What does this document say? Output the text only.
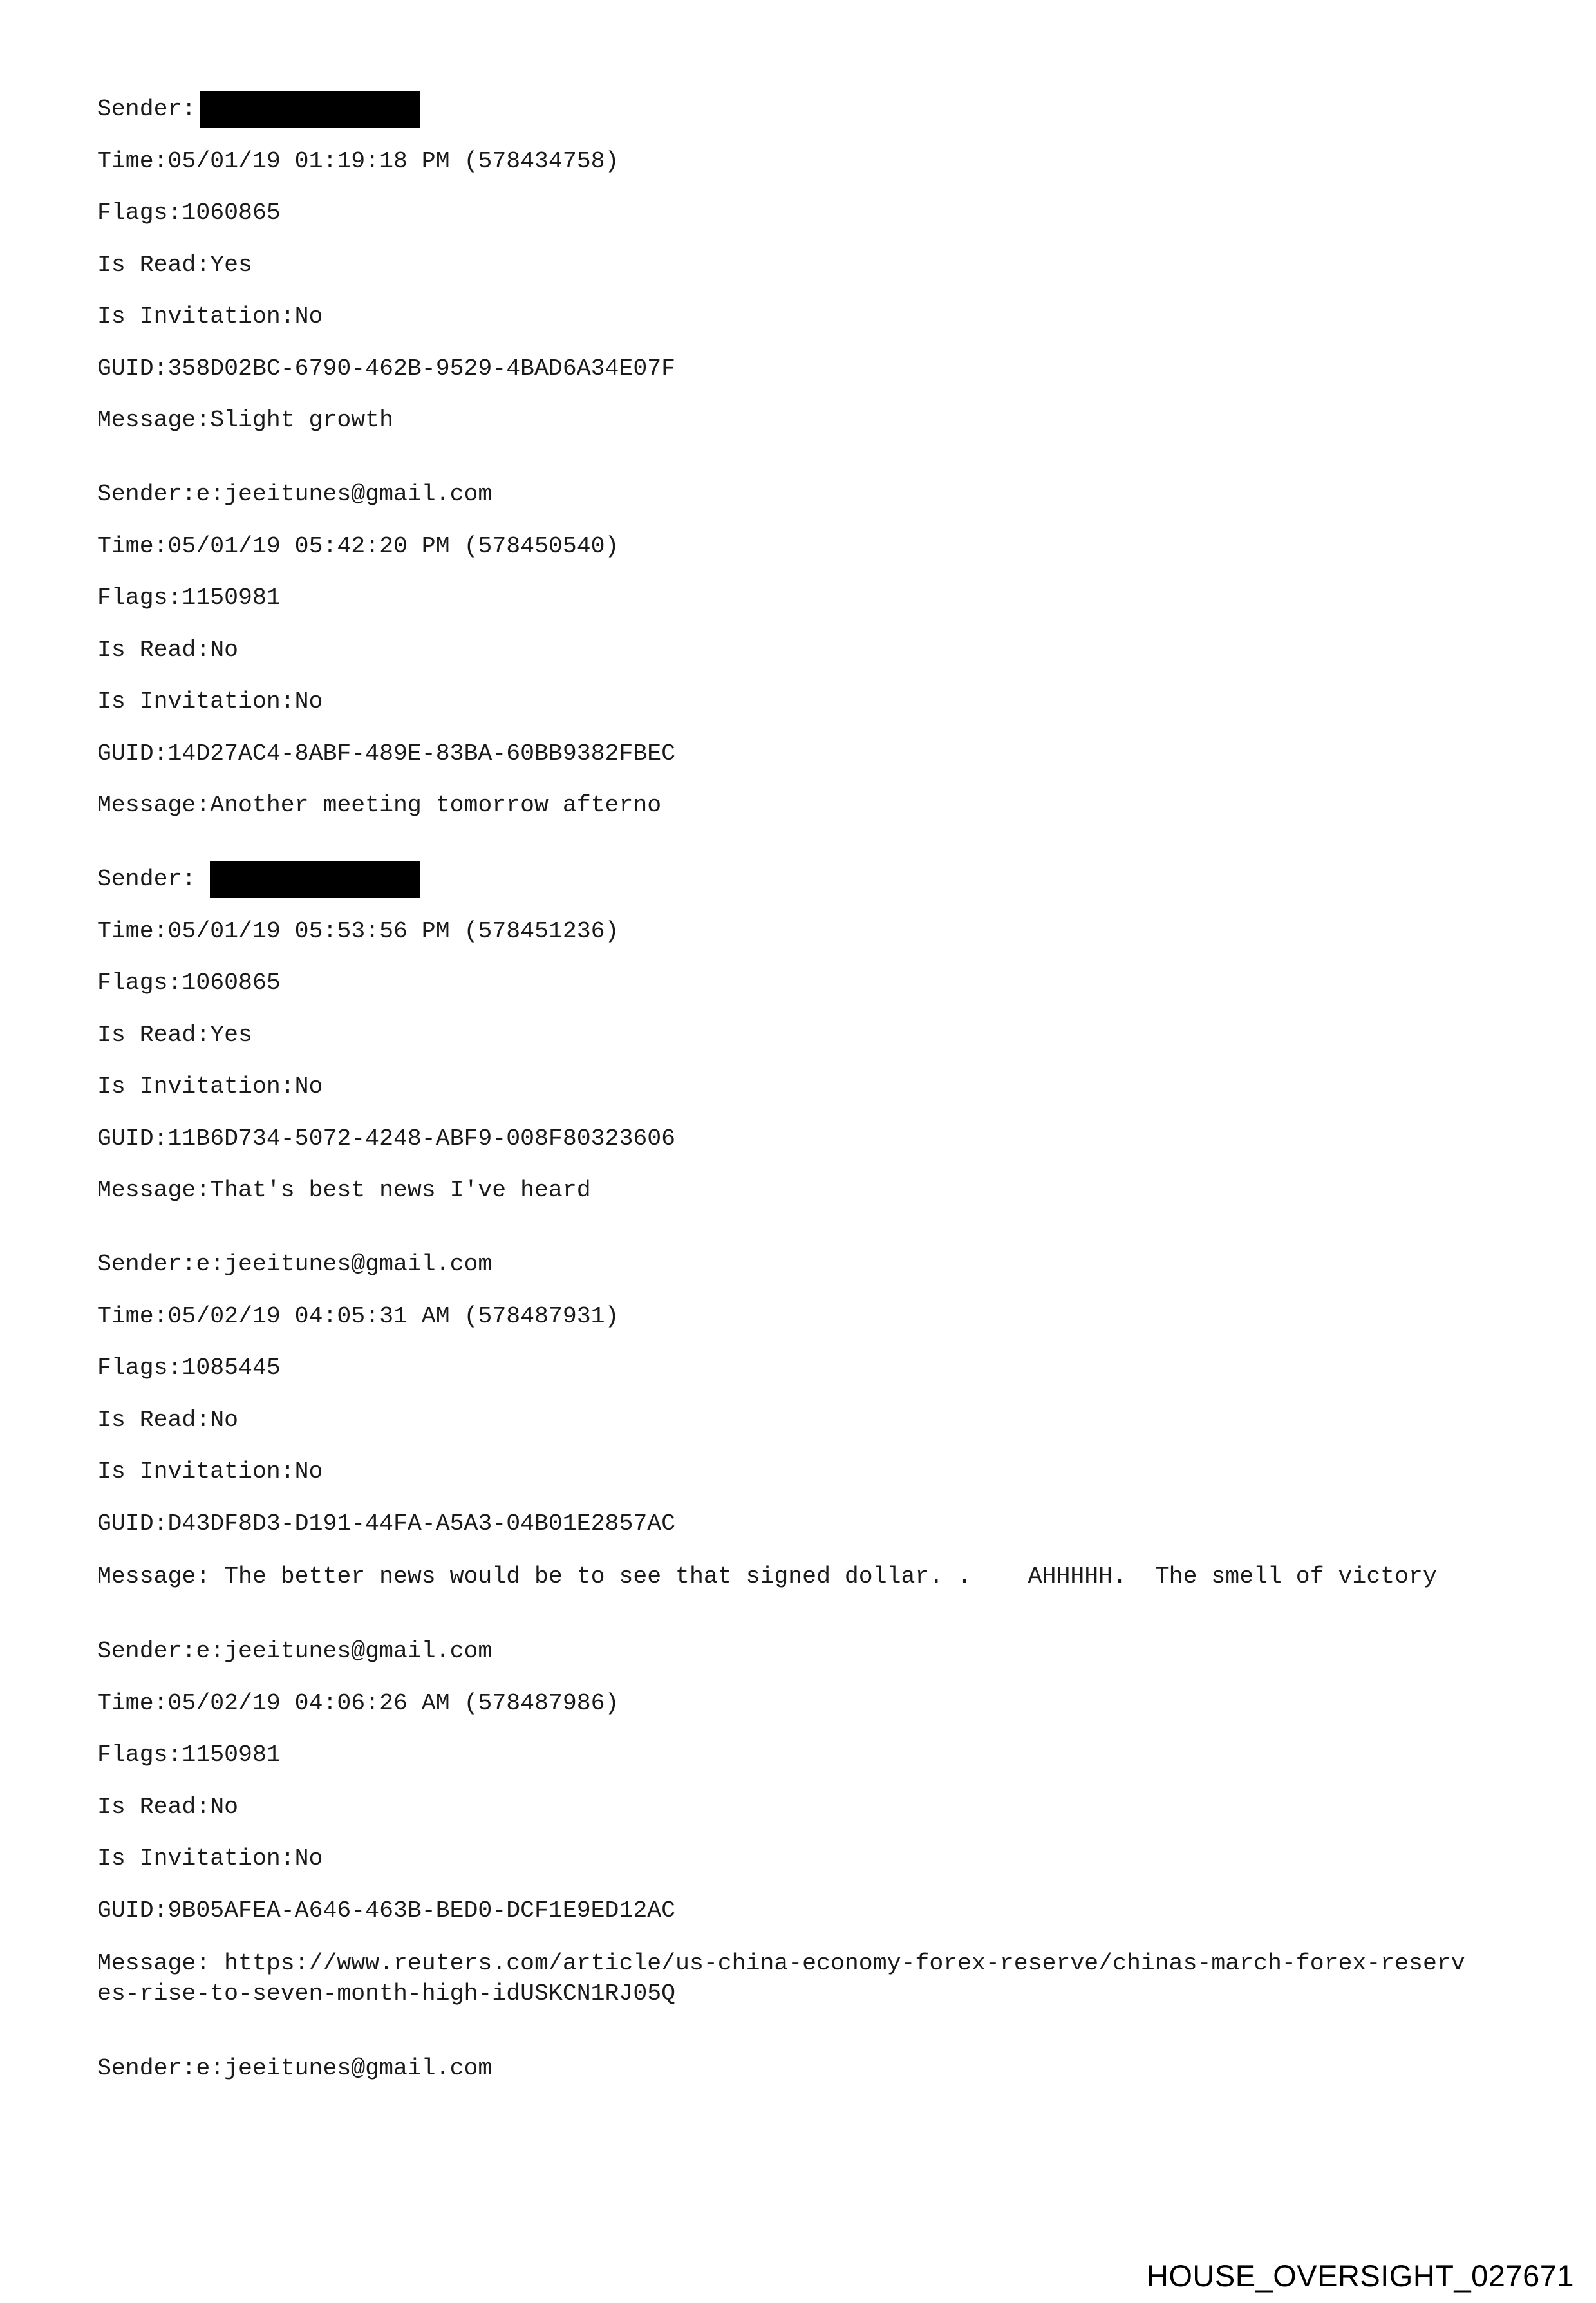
Sender:
Time: 05/01/19 01:19:18 PM (578434758)
Flags: 1060865
Is Read: Yes
Is Invitation: No
GUID: 358D02BC-6790-462B-9529-4BAD6A34E07F
Message: Slight growth
Sender: e:jeeitunes@gmail.com
Time: 05/01/19 05:42:20 PM (578450540)
Flags: 1150981
Is Read: No
Is Invitation: No
GUID: 14D27AC4-8ABF-489E-83BA-60BB9382FBEC
Message: Another meeting tomorrow afterno
Sender:
Time: 05/01/19 05:53:56 PM (578451236)
Flags: 1060865
Is Read: Yes
Is Invitation: No
GUID: 11B6D734-5072-4248-ABF9-008F80323606
Message: That's best news I've heard
Sender: e:jeeitunes@gmail.com
Time: 05/02/19 04:05:31 AM (578487931)
Flags: 1085445
Is Read: No
Is Invitation: No
GUID: D43DF8D3-D191-44FA-A5A3-04B01E2857AC
Message: The better news would be to see that signed dollar. .    AHHHHH.  The smell of victory
Sender: e:jeeitunes@gmail.com
Time: 05/02/19 04:06:26 AM (578487986)
Flags: 1150981
Is Read: No
Is Invitation: No
GUID: 9B05AFEA-A646-463B-BED0-DCF1E9ED12AC
Message: https://www.reuters.com/article/us-china-economy-forex-reserve/chinas-march-forex-reserves-rise-to-seven-month-high-idUSKCN1RJ05Q
Sender: e:jeeitunes@gmail.com
HOUSE_OVERSIGHT_027671
